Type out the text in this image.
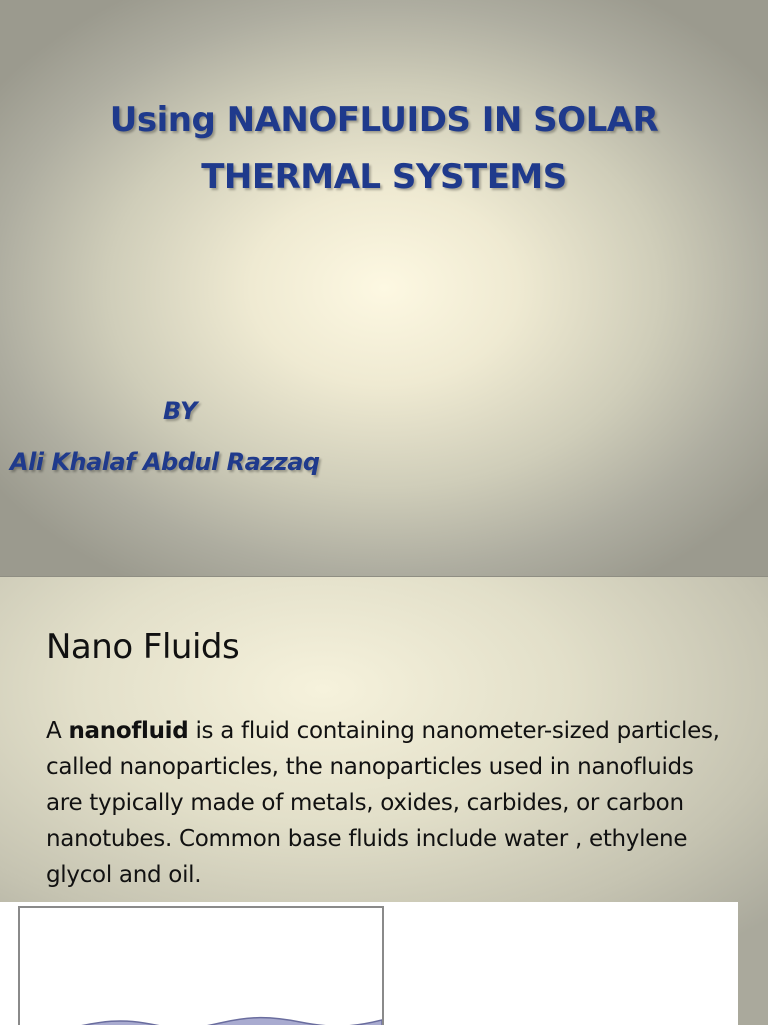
Using NANOFLUIDS IN SOLAR THERMAL SYSTEMS

BY

Ali Khalaf Abdul Razzaq

Nano Fluids

A nanofluid is a fluid containing nanometer-sized particles, called nanoparticles, the nanoparticles used in nanofluids are typically made of metals, oxides, carbides, or carbon nanotubes. Common base fluids include water , ethylene glycol and oil.
